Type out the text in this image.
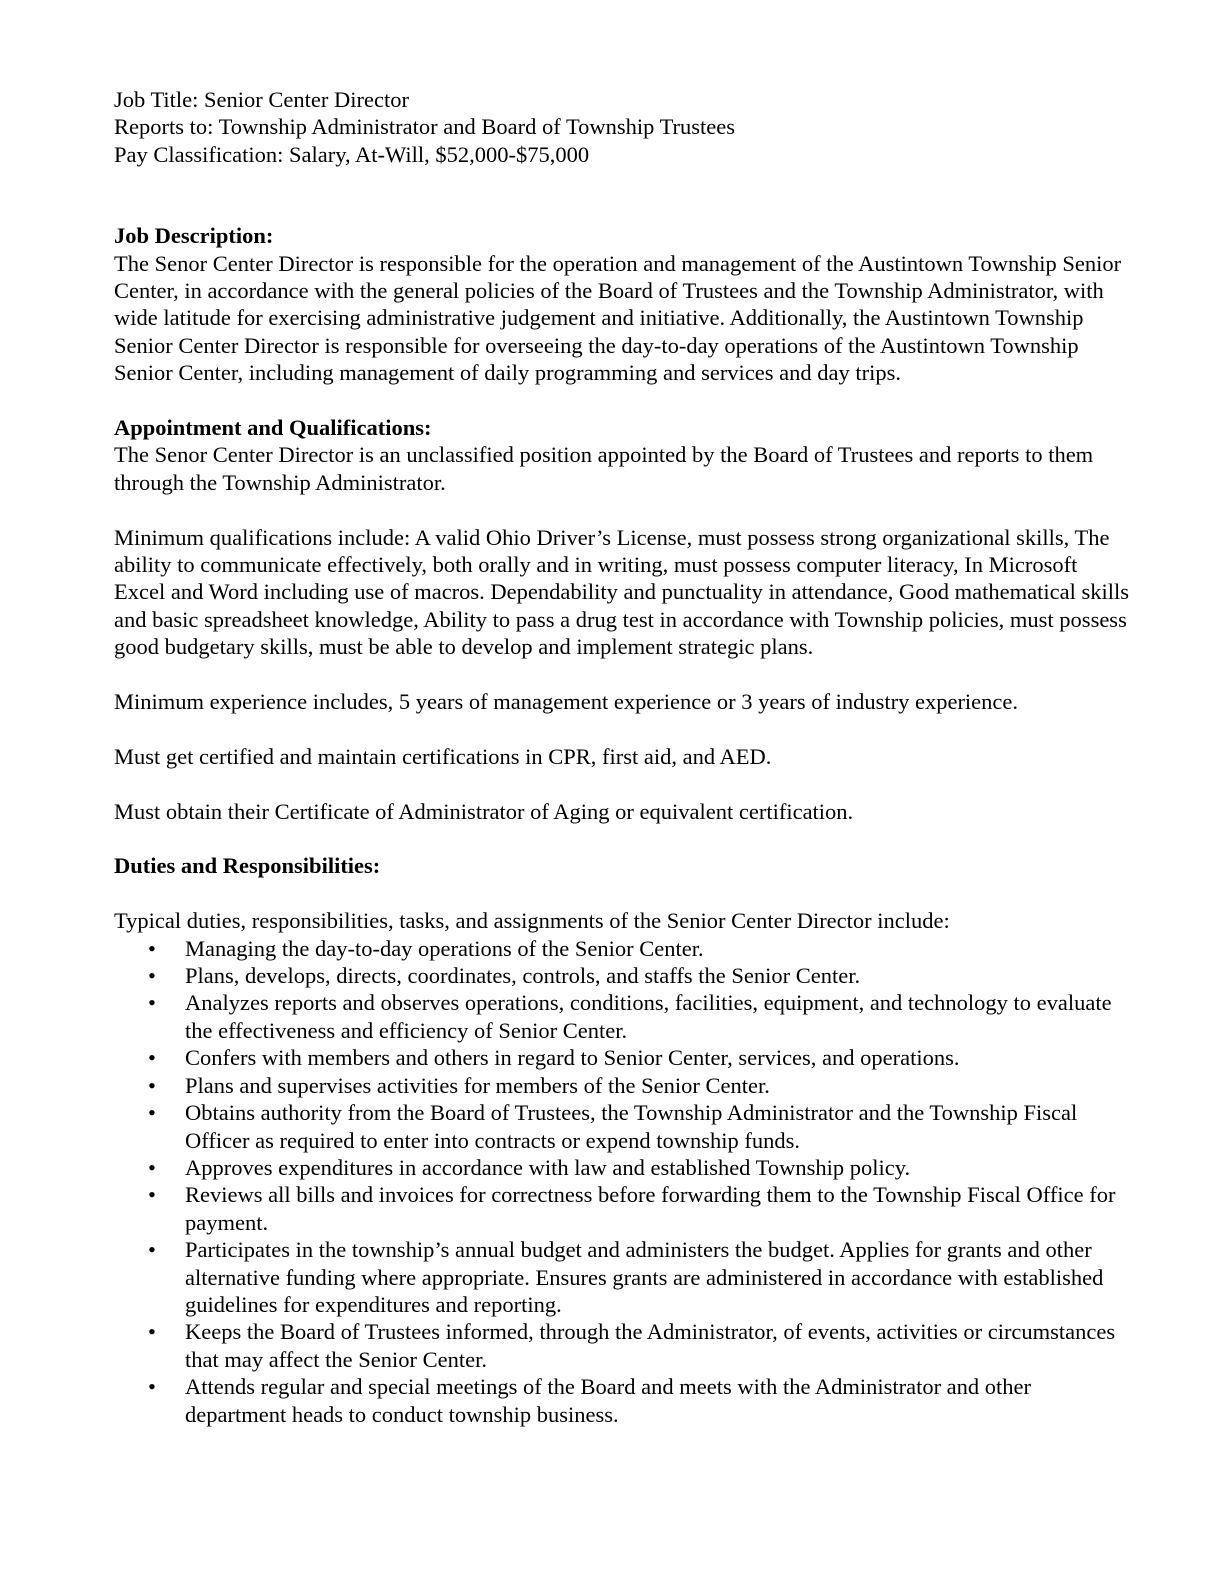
Job Title: Senior Center Director

Reports to: Township Administrator and Board of Township Trustees

Pay Classification: Salary, At-Will, $52,000-$75,000

Job Description:

The Senor Center Director is responsible for the operation and management of the Austintown Township Senior Center, in accordance with the general policies of the Board of Trustees and the Township Administrator, with wide latitude for exercising administrative judgement and initiative. Additionally, the Austintown Township Senior Center Director is responsible for overseeing the day-to-day operations of the Austintown Township Senior Center, including management of daily programming and services and day trips.

Appointment and Qualifications:

The Senor Center Director is an unclassified position appointed by the Board of Trustees and reports to them through the Township Administrator.

Minimum qualifications include: A valid Ohio Driver’s License, must possess strong organizational skills, The ability to communicate effectively, both orally and in writing, must possess computer literacy, In Microsoft Excel and Word including use of macros. Dependability and punctuality in attendance, Good mathematical skills and basic spreadsheet knowledge, Ability to pass a drug test in accordance with Township policies, must possess good budgetary skills, must be able to develop and implement strategic plans.

Minimum experience includes, 5 years of management experience or 3 years of industry experience.

Must get certified and maintain certifications in CPR, first aid, and AED.

Must obtain their Certificate of Administrator of Aging or equivalent certification.

Duties and Responsibilities:

Typical duties, responsibilities, tasks, and assignments of the Senior Center Director include:

• Managing the day-to-day operations of the Senior Center.
• Plans, develops, directs, coordinates, controls, and staffs the Senior Center.
• Analyzes reports and observes operations, conditions, facilities, equipment, and technology to evaluate the effectiveness and efficiency of Senior Center.
• Confers with members and others in regard to Senior Center, services, and operations.
• Plans and supervises activities for members of the Senior Center.
• Obtains authority from the Board of Trustees, the Township Administrator and the Township Fiscal Officer as required to enter into contracts or expend township funds.
• Approves expenditures in accordance with law and established Township policy.
• Reviews all bills and invoices for correctness before forwarding them to the Township Fiscal Office for payment.
• Participates in the township’s annual budget and administers the budget. Applies for grants and other alternative funding where appropriate. Ensures grants are administered in accordance with established guidelines for expenditures and reporting.
• Keeps the Board of Trustees informed, through the Administrator, of events, activities or circumstances that may affect the Senior Center.
• Attends regular and special meetings of the Board and meets with the Administrator and other department heads to conduct township business.
